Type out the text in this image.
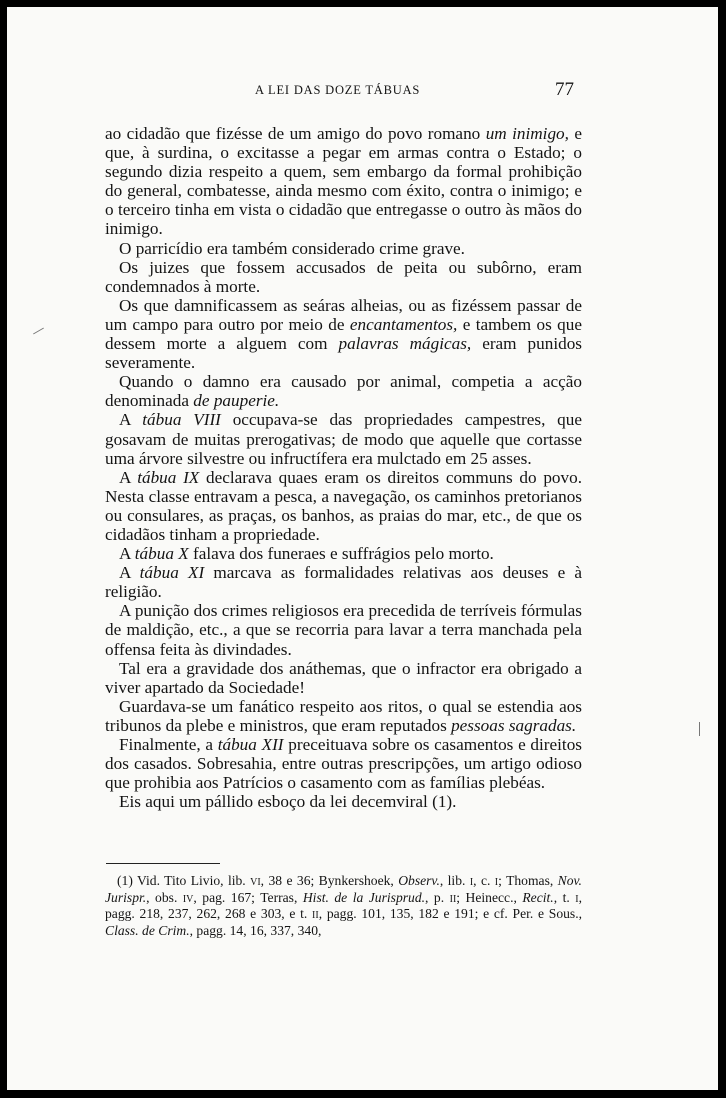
A LEI DAS DOZE TÁBUAS	77

ao cidadão que fizésse de um amigo do povo romano um inimigo, e que, à surdina, o excitasse a pegar em armas contra o Estado; o segundo dizia respeito a quem, sem embargo da formal prohibição do general, combatesse, ainda mesmo com éxito, contra o inimigo; e o terceiro tinha em vista o cidadão que entregasse o outro às mãos do inimigo.

O parricídio era também considerado crime grave.

Os juizes que fossem accusados de peita ou subôrno, eram condemnados à morte.

Os que damnificassem as seáras alheias, ou as fizéssem passar de um campo para outro por meio de encantamentos, e tambem os que dessem morte a alguem com palavras mágicas, eram punidos severamente.

Quando o damno era causado por animal, competia a acção denominada de pauperie.

A tábua VIII occupava-se das propriedades campestres, que gosavam de muitas prerogativas; de modo que aquelle que cortasse uma árvore silvestre ou infructífera era mulctado em 25 asses.

A tábua IX declarava quaes eram os direitos communs do povo. Nesta classe entravam a pesca, a navegação, os caminhos pretorianos ou consulares, as praças, os banhos, as praias do mar, etc., de que os cidadãos tinham a propriedade.

A tábua X falava dos funeraes e suffrágios pelo morto.

A tábua XI marcava as formalidades relativas aos deuses e à religião.

A punição dos crimes religiosos era precedida de terríveis fórmulas de maldição, etc., a que se recorria para lavar a terra manchada pela offensa feita às divindades.

Tal era a gravidade dos anáthemas, que o infractor era obrigado a viver apartado da Sociedade!

Guardava-se um fanático respeito aos ritos, o qual se estendia aos tribunos da plebe e ministros, que eram reputados pessoas sagradas.

Finalmente, a tábua XII preceituava sobre os casamentos e direitos dos casados. Sobresahia, entre outras prescripções, um artigo odioso que prohibia aos Patrícios o casamento com as famílias plebéas.

Eis aqui um pállido esboço da lei decemviral (1).

(1) Vid. Tito Livio, lib. vi, 38 e 36; Bynkershoek, Observ., lib. i, c. i; Thomas, Nov. Jurispr., obs. iv, pag. 167; Terras, Hist. de la Jurisprud., p. ii; Heinecc., Recit., t. i, pagg. 218, 237, 262, 268 e 303, e t. ii, pagg. 101, 135, 182 e 191; e cf. Per. e Sous., Class. de Crim., pagg. 14, 16, 337, 340,
